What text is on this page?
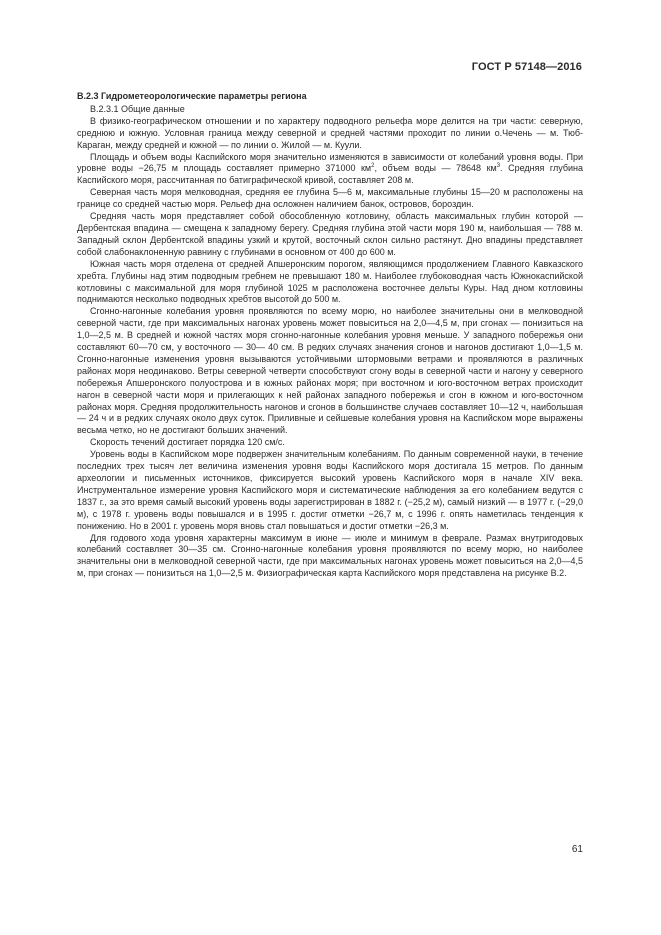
ГОСТ Р 57148—2016

В.2.3 Гидрометеорологические параметры региона

В.2.3.1 Общие данные

В физико-географическом отношении и по характеру подводного рельефа море делится на три части: северную, среднюю и южную. Условная граница между северной и средней частями проходит по линии о.Чечень — м. Тюб-Караган, между средней и южной — по линии о. Жилой — м. Куули.

Площадь и объем воды Каспийского моря значительно изменяются в зависимости от колебаний уровня воды. При уровне воды −26,75 м площадь составляет примерно 371000 $км^2$, объем воды — 78648 $км^3$. Средняя глубина Каспийского моря, рассчитанная по батиграфической кривой, составляет 208 м.

Северная часть моря мелководная, средняя ее глубина 5—6 м, максимальные глубины 15—20 м расположены на границе со средней частью моря. Рельеф дна осложнен наличием банок, островов, бороздин.

Средняя часть моря представляет собой обособленную котловину, область максимальных глубин которой — Дербентская впадина — смещена к западному берегу. Средняя глубина этой части моря 190 м, наибольшая — 788 м. Западный склон Дербентской впадины узкий и крутой, восточный склон сильно растянут. Дно впадины представляет собой слабонаклоненную равнину с глубинами в основном от 400 до 600 м.

Южная часть моря отделена от средней Апшеронским порогом, являющимся продолжением Главного Кавказского хребта. Глубины над этим подводным гребнем не превышают 180 м. Наиболее глубоководная часть Южнокаспийской котловины с максимальной для моря глубиной 1025 м расположена восточнее дельты Куры. Над дном котловины поднимаются несколько подводных хребтов высотой до 500 м.

Сгонно-нагонные колебания уровня проявляются по всему морю, но наиболее значительны они в мелководной северной части, где при максимальных нагонах уровень может повыситься на 2,0—4,5 м, при сгонах — понизиться на 1,0—2,5 м. В средней и южной частях моря сгонно-нагонные колебания уровня меньше. У западного побережья они составляют 60—70 см, у восточного — 30— 40 см. В редких случаях значения сгонов и нагонов достигают 1,0—1,5 м. Сгонно-нагонные изменения уровня вызываются устойчивыми штормовыми ветрами и проявляются в различных районах моря неодинаково. Ветры северной четверти способствуют сгону воды в северной части и нагону у северного побережья Апшеронского полуострова и в южных районах моря; при восточном и юго-восточном ветрах происходит нагон в северной части моря и прилегающих к ней районах западного побережья и сгон в южном и юго-восточном районах моря. Средняя продолжительность нагонов и сгонов в большинстве случаев составляет 10—12 ч, наибольшая — 24 ч и в редких случаях около двух суток. Приливные и сейшевые колебания уровня на Каспийском море выражены весьма четко, но не достигают больших значений.

Скорость течений достигает порядка 120 см/с.

Уровень воды в Каспийском море подвержен значительным колебаниям. По данным современной науки, в течение последних трех тысяч лет величина изменения уровня воды Каспийского моря достигала 15 метров. По данным археологии и письменных источников, фиксируется высокий уровень Каспийского моря в начале XIV века. Инструментальное измерение уровня Каспийского моря и систематические наблюдения за его колебанием ведутся с 1837 г., за это время самый высокий уровень воды зарегистрирован в 1882 г. (−25,2 м), самый низкий — в 1977 г. (−29,0 м), с 1978 г. уровень воды повышался и в 1995 г. достиг отметки −26,7 м, с 1996 г. опять наметилась тенденция к понижению. Но в 2001 г. уровень моря вновь стал повышаться и достиг отметки −26,3 м.

Для годового хода уровня характерны максимум в июне — июле и минимум в феврале. Размах внутригодовых колебаний составляет 30—35 см. Сгонно-нагонные колебания уровня проявляются по всему морю, но наиболее значительны они в мелководной северной части, где при максимальных нагонах уровень может повыситься на 2,0—4,5 м, при сгонах — понизиться на 1,0—2,5 м. Физиографическая карта Каспийского моря представлена на рисунке В.2.

61
